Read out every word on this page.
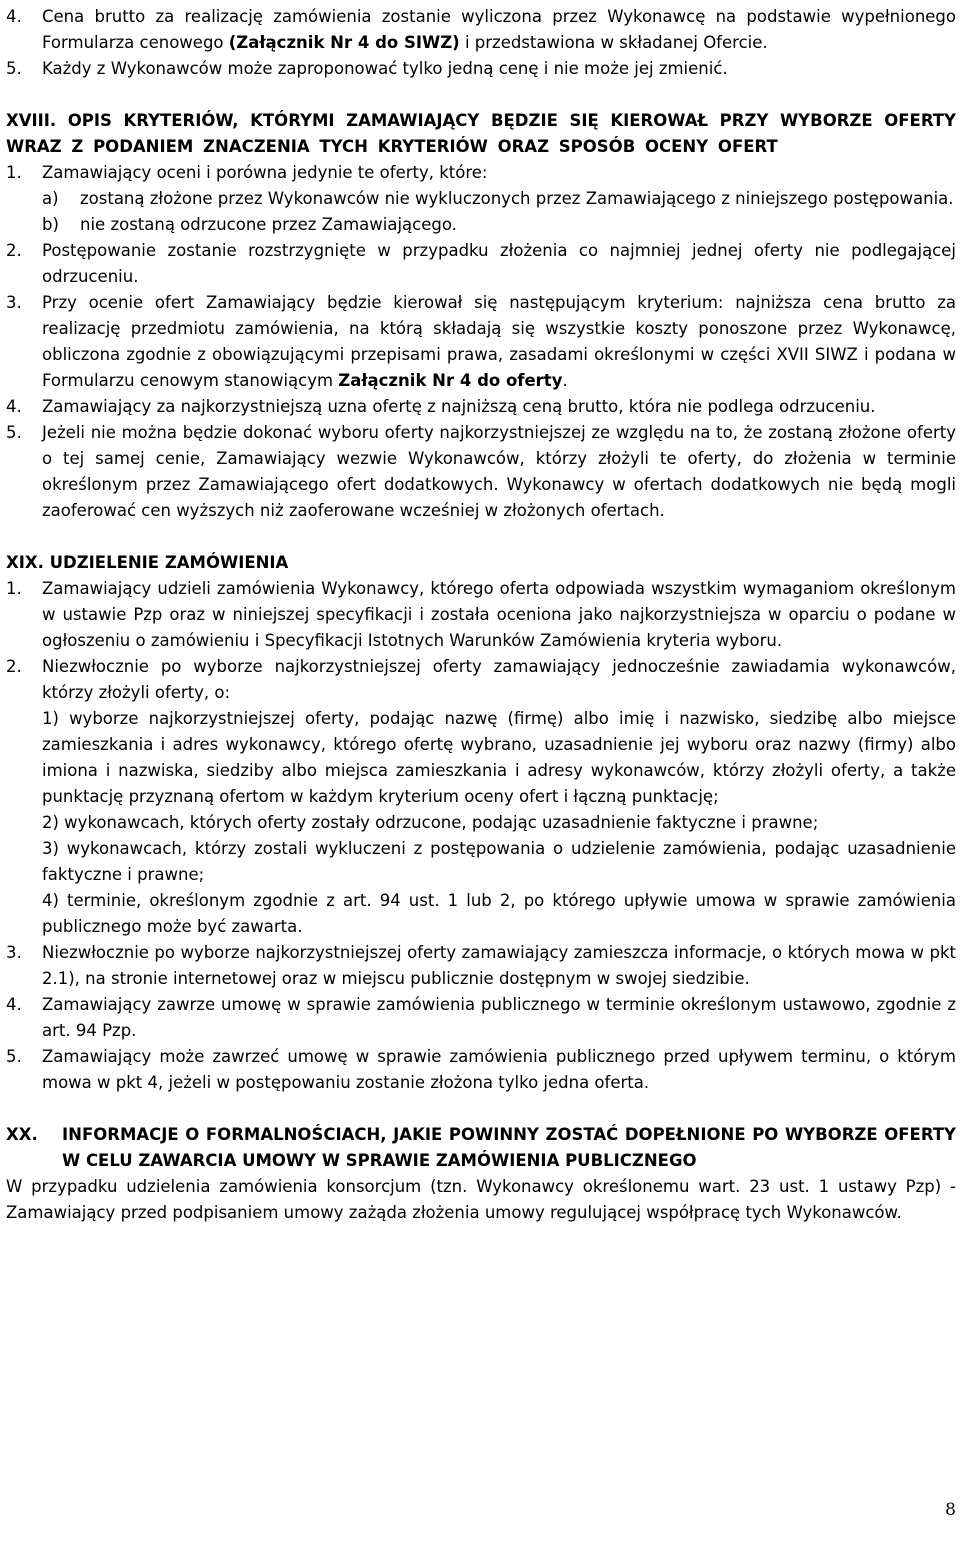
4.	Cena brutto za realizację zamówienia zostanie wyliczona przez Wykonawcę na podstawie wypełnionego Formularza cenowego (Załącznik Nr 4 do SIWZ) i przedstawiona w składanej Ofercie.
5.	Każdy z Wykonawców może zaproponować tylko jedną cenę i nie może jej zmienić.
XVIII. OPIS KRYTERIÓW, KTÓRYMI ZAMAWIAJĄCY BĘDZIE SIĘ KIEROWAŁ PRZY WYBORZE OFERTY WRAZ Z PODANIEM ZNACZENIA TYCH KRYTERIÓW ORAZ SPOSÓB OCENY OFERT
1.	Zamawiający oceni i porówna jedynie te oferty, które:
a)	zostaną złożone przez Wykonawców nie wykluczonych przez Zamawiającego z niniejszego postępowania.
b)	nie zostaną odrzucone przez Zamawiającego.
2.	Postępowanie zostanie rozstrzygnięte w przypadku złożenia co najmniej jednej oferty nie podlegającej odrzuceniu.
3.	Przy ocenie ofert Zamawiający będzie kierował się następującym kryterium: najniższa cena brutto za realizację przedmiotu zamówienia, na którą składają się wszystkie koszty ponoszone przez Wykonawcę, obliczona zgodnie z obowiązującymi przepisami prawa, zasadami określonymi w części XVII SIWZ i podana w Formularzu cenowym stanowiącym Załącznik Nr 4 do oferty.
4.	Zamawiający za najkorzystniejszą uzna ofertę z najniższą ceną brutto, która nie podlega odrzuceniu.
5.	Jeżeli nie można będzie dokonać wyboru oferty najkorzystniejszej ze względu na to, że zostaną złożone oferty o tej samej cenie, Zamawiający wezwie Wykonawców, którzy złożyli te oferty, do złożenia w terminie określonym przez Zamawiającego ofert dodatkowych. Wykonawcy w ofertach dodatkowych nie będą mogli zaoferować cen wyższych niż zaoferowane wcześniej w złożonych ofertach.
XIX. UDZIELENIE ZAMÓWIENIA
1.	Zamawiający udzieli zamówienia Wykonawcy, którego oferta odpowiada wszystkim wymaganiom określonym w ustawie Pzp oraz w niniejszej specyfikacji i została oceniona jako najkorzystniejsza w oparciu o podane w ogłoszeniu o zamówieniu i Specyfikacji Istotnych Warunków Zamówienia kryteria wyboru.
2.	Niezwłocznie po wyborze najkorzystniejszej oferty zamawiający jednocześnie zawiadamia wykonawców, którzy złożyli oferty, o:
1) wyborze najkorzystniejszej oferty, podając nazwę (firmę) albo imię i nazwisko, siedzibę albo miejsce zamieszkania i adres wykonawcy, którego ofertę wybrano, uzasadnienie jej wyboru oraz nazwy (firmy) albo imiona i nazwiska, siedziby albo miejsca zamieszkania i adresy wykonawców, którzy złożyli oferty, a także punktację przyznaną ofertom w każdym kryterium oceny ofert i łączną punktację;
2) wykonawcach, których oferty zostały odrzucone, podając uzasadnienie faktyczne i prawne;
3) wykonawcach, którzy zostali wykluczeni z postępowania o udzielenie zamówienia, podając uzasadnienie faktyczne i prawne;
4) terminie, określonym zgodnie z art. 94 ust. 1 lub 2, po którego upływie umowa w sprawie zamówienia publicznego może być zawarta.
3.	Niezwłocznie po wyborze najkorzystniejszej oferty zamawiający zamieszcza informacje, o których mowa w pkt 2.1), na stronie internetowej oraz w miejscu publicznie dostępnym w swojej siedzibie.
4.	Zamawiający zawrze umowę w sprawie zamówienia publicznego w terminie określonym ustawowo, zgodnie z art. 94 Pzp.
5.	Zamawiający może zawrzeć umowę w sprawie zamówienia publicznego przed upływem terminu, o którym mowa w pkt 4, jeżeli w postępowaniu zostanie złożona tylko jedna oferta.
XX.	INFORMACJE O FORMALNOŚCIACH, JAKIE POWINNY ZOSTAĆ DOPEŁNIONE PO WYBORZE OFERTY W CELU ZAWARCIA UMOWY W SPRAWIE ZAMÓWIENIA PUBLICZNEGO
W przypadku udzielenia zamówienia konsorcjum (tzn. Wykonawcy określonemu wart. 23 ust. 1 ustawy Pzp) - Zamawiający przed podpisaniem umowy zażąda złożenia umowy regulującej współpracę tych Wykonawców.
8
